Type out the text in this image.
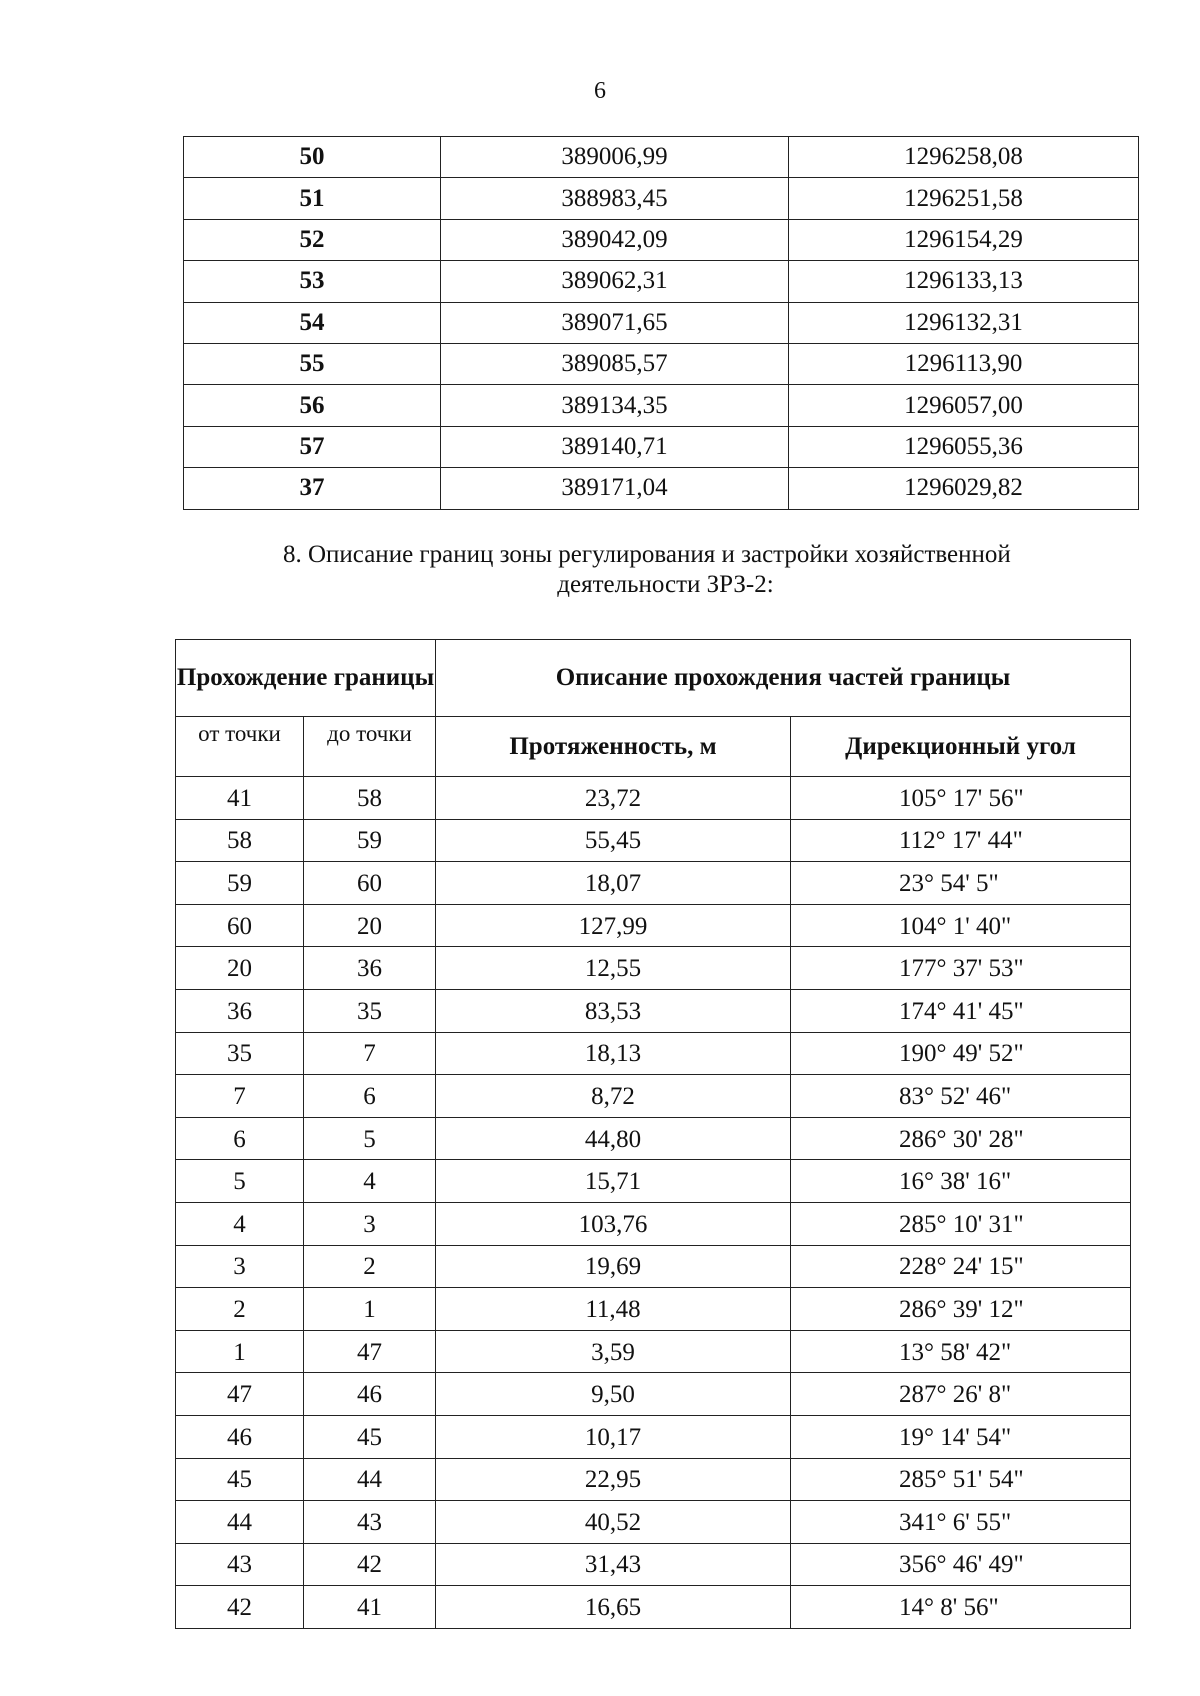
6
50	389006,99	1296258,08
51	388983,45	1296251,58
52	389042,09	1296154,29
53	389062,31	1296133,13
54	389071,65	1296132,31
55	389085,57	1296113,90
56	389134,35	1296057,00
57	389140,71	1296055,36
37	389171,04	1296029,82
8. Описание границ зоны регулирования и застройки хозяйственной
деятельности ЗРЗ-2:
Прохождение границы		Описание прохождения частей границы	
от точки	до точки	Протяженность, м	Дирекционный угол
41	58	23,72	105° 17' 56"
58	59	55,45	112° 17' 44"
59	60	18,07	23° 54' 5"
60	20	127,99	104° 1' 40"
20	36	12,55	177° 37' 53"
36	35	83,53	174° 41' 45"
35	7	18,13	190° 49' 52"
7	6	8,72	83° 52' 46"
6	5	44,80	286° 30' 28"
5	4	15,71	16° 38' 16"
4	3	103,76	285° 10' 31"
3	2	19,69	228° 24' 15"
2	1	11,48	286° 39' 12"
1	47	3,59	13° 58' 42"
47	46	9,50	287° 26' 8"
46	45	10,17	19° 14' 54"
45	44	22,95	285° 51' 54"
44	43	40,52	341° 6' 55"
43	42	31,43	356° 46' 49"
42	41	16,65	14° 8' 56"
